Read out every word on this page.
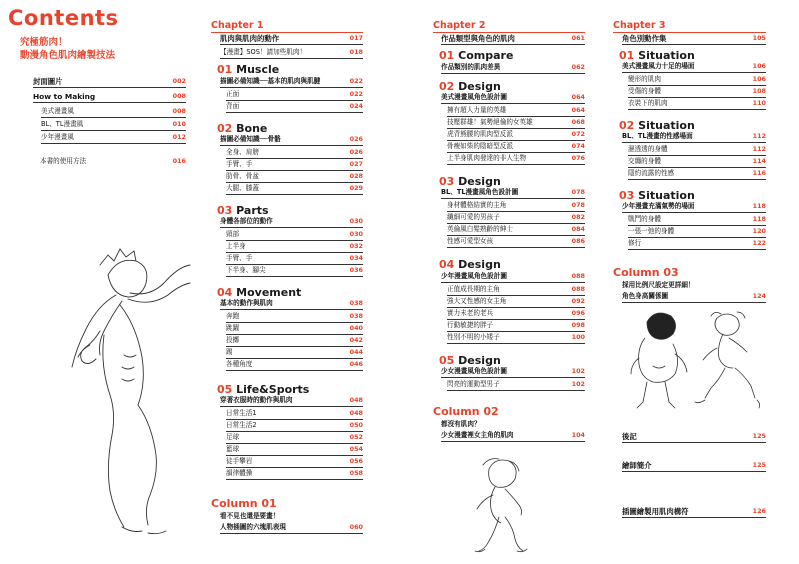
Contents
究極筋肉！
動漫角色肌肉繪製技法
封面圖片	002
How to Making	008
美式漫畫風	008
BL、TL漫畫風	010
少年漫畫風	012
本書的使用方法	016
Chapter 1
肌肉與肌肉的動作	017
【漫畫】SOS！請加些肌肉！	018
01 Muscle
描圖必備知識──基本的肌肉與肌腱	022
正面	022
背面	024
02 Bone
描圖必備知識──骨骼	026
全身、肩膀	026
手臂、手	027
肋骨、骨盆	028
大腿、膝蓋	029
03 Parts
身體各部位的動作	030
頸部	030
上半身	032
手臂、手	034
下半身、腳尖	036
04 Movement
基本的動作與肌肉	038
奔跑	038
跳躍	040
投擲	042
踢	044
各種角度	046
05 Life&Sports
穿著衣服時的動作與肌肉	048
日常生活1	048
日常生活2	050
足球	052
籃球	054
徒手攀岩	056
韻律體操	058
Column 01
看不見也還是要畫！
人物插圖的六塊肌表現	060
Chapter 2
作品類型與角色的肌肉	061
01 Compare
作品類別的肌肉差異	062
02 Design
美式漫畫風角色設計圖	064
擁有超人力量的英雄	064
技壓群雄！氣勢絕倫的女英雄	068
虎背熊腰的肌肉型反派	072
骨瘦如柴的陰暗型反派	074
上半身肌肉發達的非人生物	076
03 Design
BL、TL漫畫風角色設計圖	078
身材體格結實的主角	078
纖細可愛的男孩子	082
英倫風白髮熟齡的紳士	084
性感可愛型女孩	086
04 Design
少年漫畫風角色設計圖	088
正值成長期的主角	088
強大又性感的女主角	092
實力未老的老兵	096
行動敏捷的胖子	098
性別不明的小矮子	100
05 Design
少女漫畫風角色設計圖	102
閃亮的運動型男子	102
Column 02
都沒有肌肉？
少女漫畫裡女主角的肌肉	104
Chapter 3
角色別動作集	105
01 Situation
美式漫畫風力十足的場面	106
變形的肌肉	106
受傷的身體	108
衣裝下的肌肉	110
02 Situation
BL、TL漫畫的性感場面	112
濕透透的身體	112
交纏的身體	114
隱約流露的性感	116
03 Situation
少年漫畫充滿氣勢的場面	118
戰鬥的身體	118
一張一弛的身體	120
修行	122
Column 03
採用比例尺設定更詳細！
角色身高關係圖	124
後記	125
繪師簡介	125
插圖繪製用肌肉構符	126
